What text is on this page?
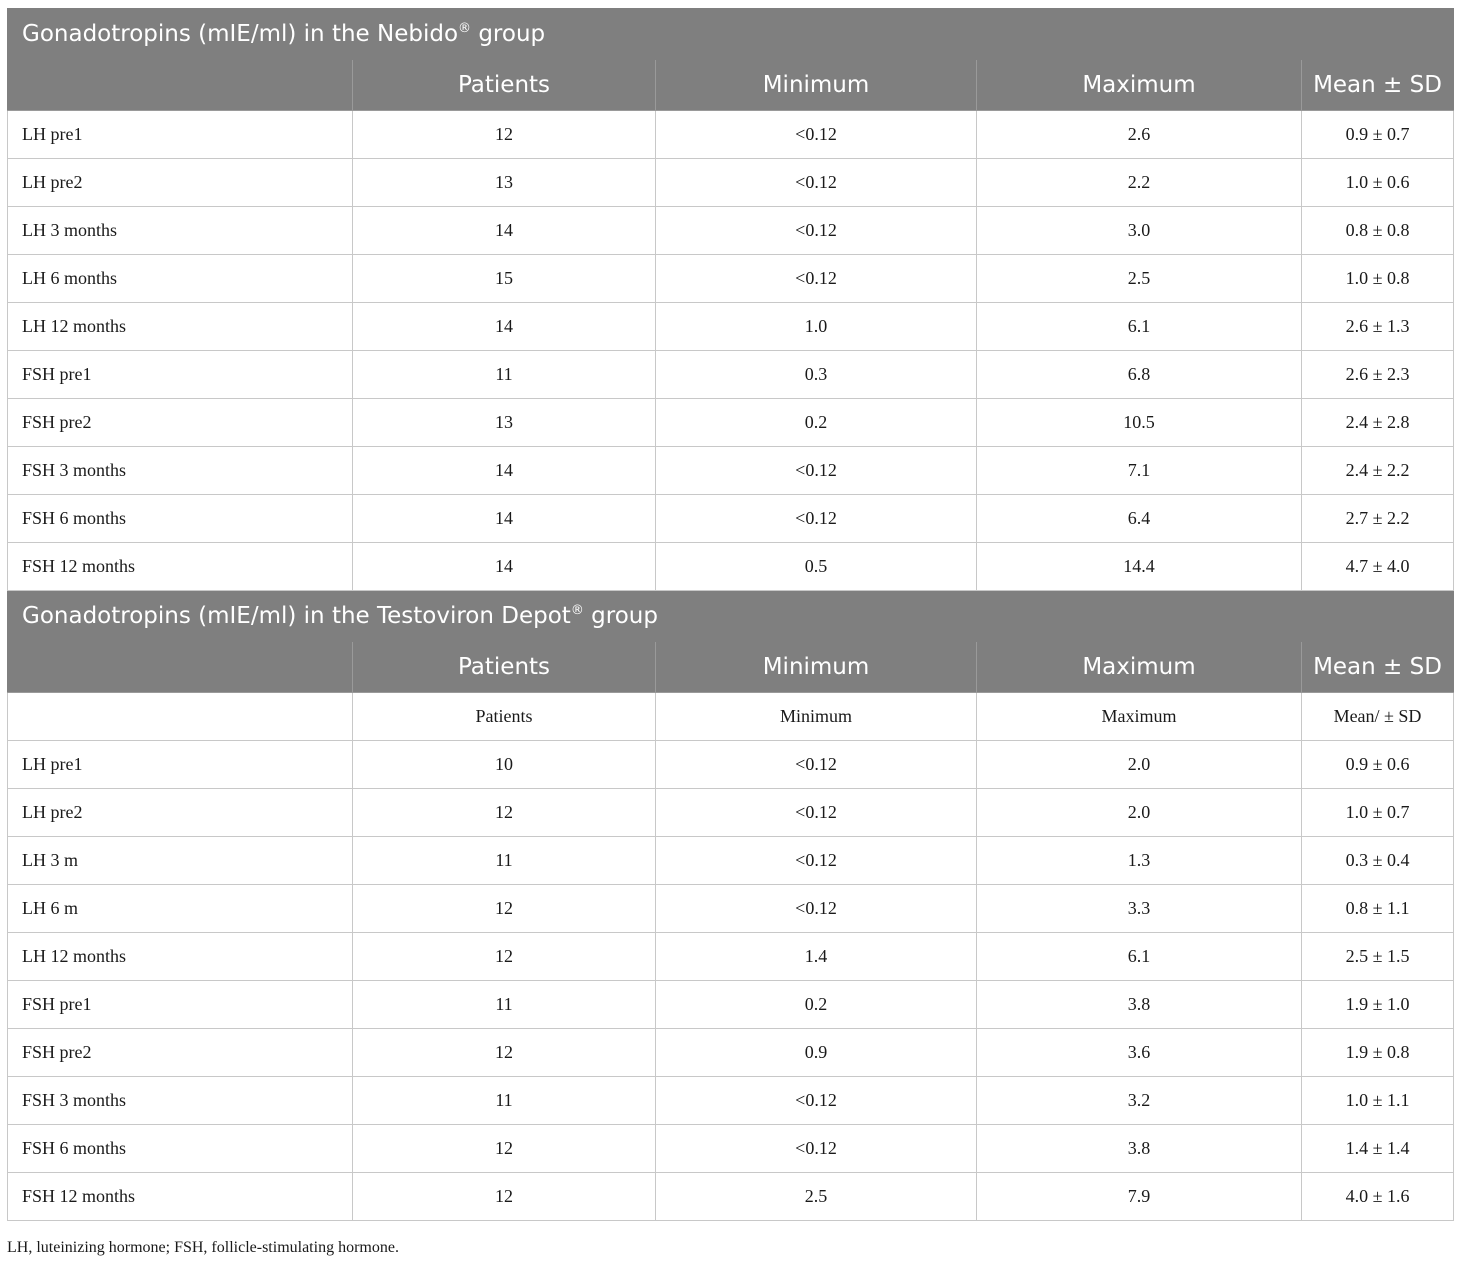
Gonadotropins (mIE/ml) in the Nebido® group				
	Patients	Minimum	Maximum	Mean ± SD
LH pre1	12	<0.12	2.6	0.9 ± 0.7
LH pre2	13	<0.12	2.2	1.0 ± 0.6
LH 3 months	14	<0.12	3.0	0.8 ± 0.8
LH 6 months	15	<0.12	2.5	1.0 ± 0.8
LH 12 months	14	1.0	6.1	2.6 ± 1.3
FSH pre1	11	0.3	6.8	2.6 ± 2.3
FSH pre2	13	0.2	10.5	2.4 ± 2.8
FSH 3 months	14	<0.12	7.1	2.4 ± 2.2
FSH 6 months	14	<0.12	6.4	2.7 ± 2.2
FSH 12 months	14	0.5	14.4	4.7 ± 4.0
Gonadotropins (mIE/ml) in the Testoviron Depot® group				
	Patients	Minimum	Maximum	Mean ± SD
	Patients	Minimum	Maximum	Mean/ ± SD
LH pre1	10	<0.12	2.0	0.9 ± 0.6
LH pre2	12	<0.12	2.0	1.0 ± 0.7
LH 3 m	11	<0.12	1.3	0.3 ± 0.4
LH 6 m	12	<0.12	3.3	0.8 ± 1.1
LH 12 months	12	1.4	6.1	2.5 ± 1.5
FSH pre1	11	0.2	3.8	1.9 ± 1.0
FSH pre2	12	0.9	3.6	1.9 ± 0.8
FSH 3 months	11	<0.12	3.2	1.0 ± 1.1
FSH 6 months	12	<0.12	3.8	1.4 ± 1.4
FSH 12 months	12	2.5	7.9	4.0 ± 1.6
LH, luteinizing hormone; FSH, follicle-stimulating hormone.
